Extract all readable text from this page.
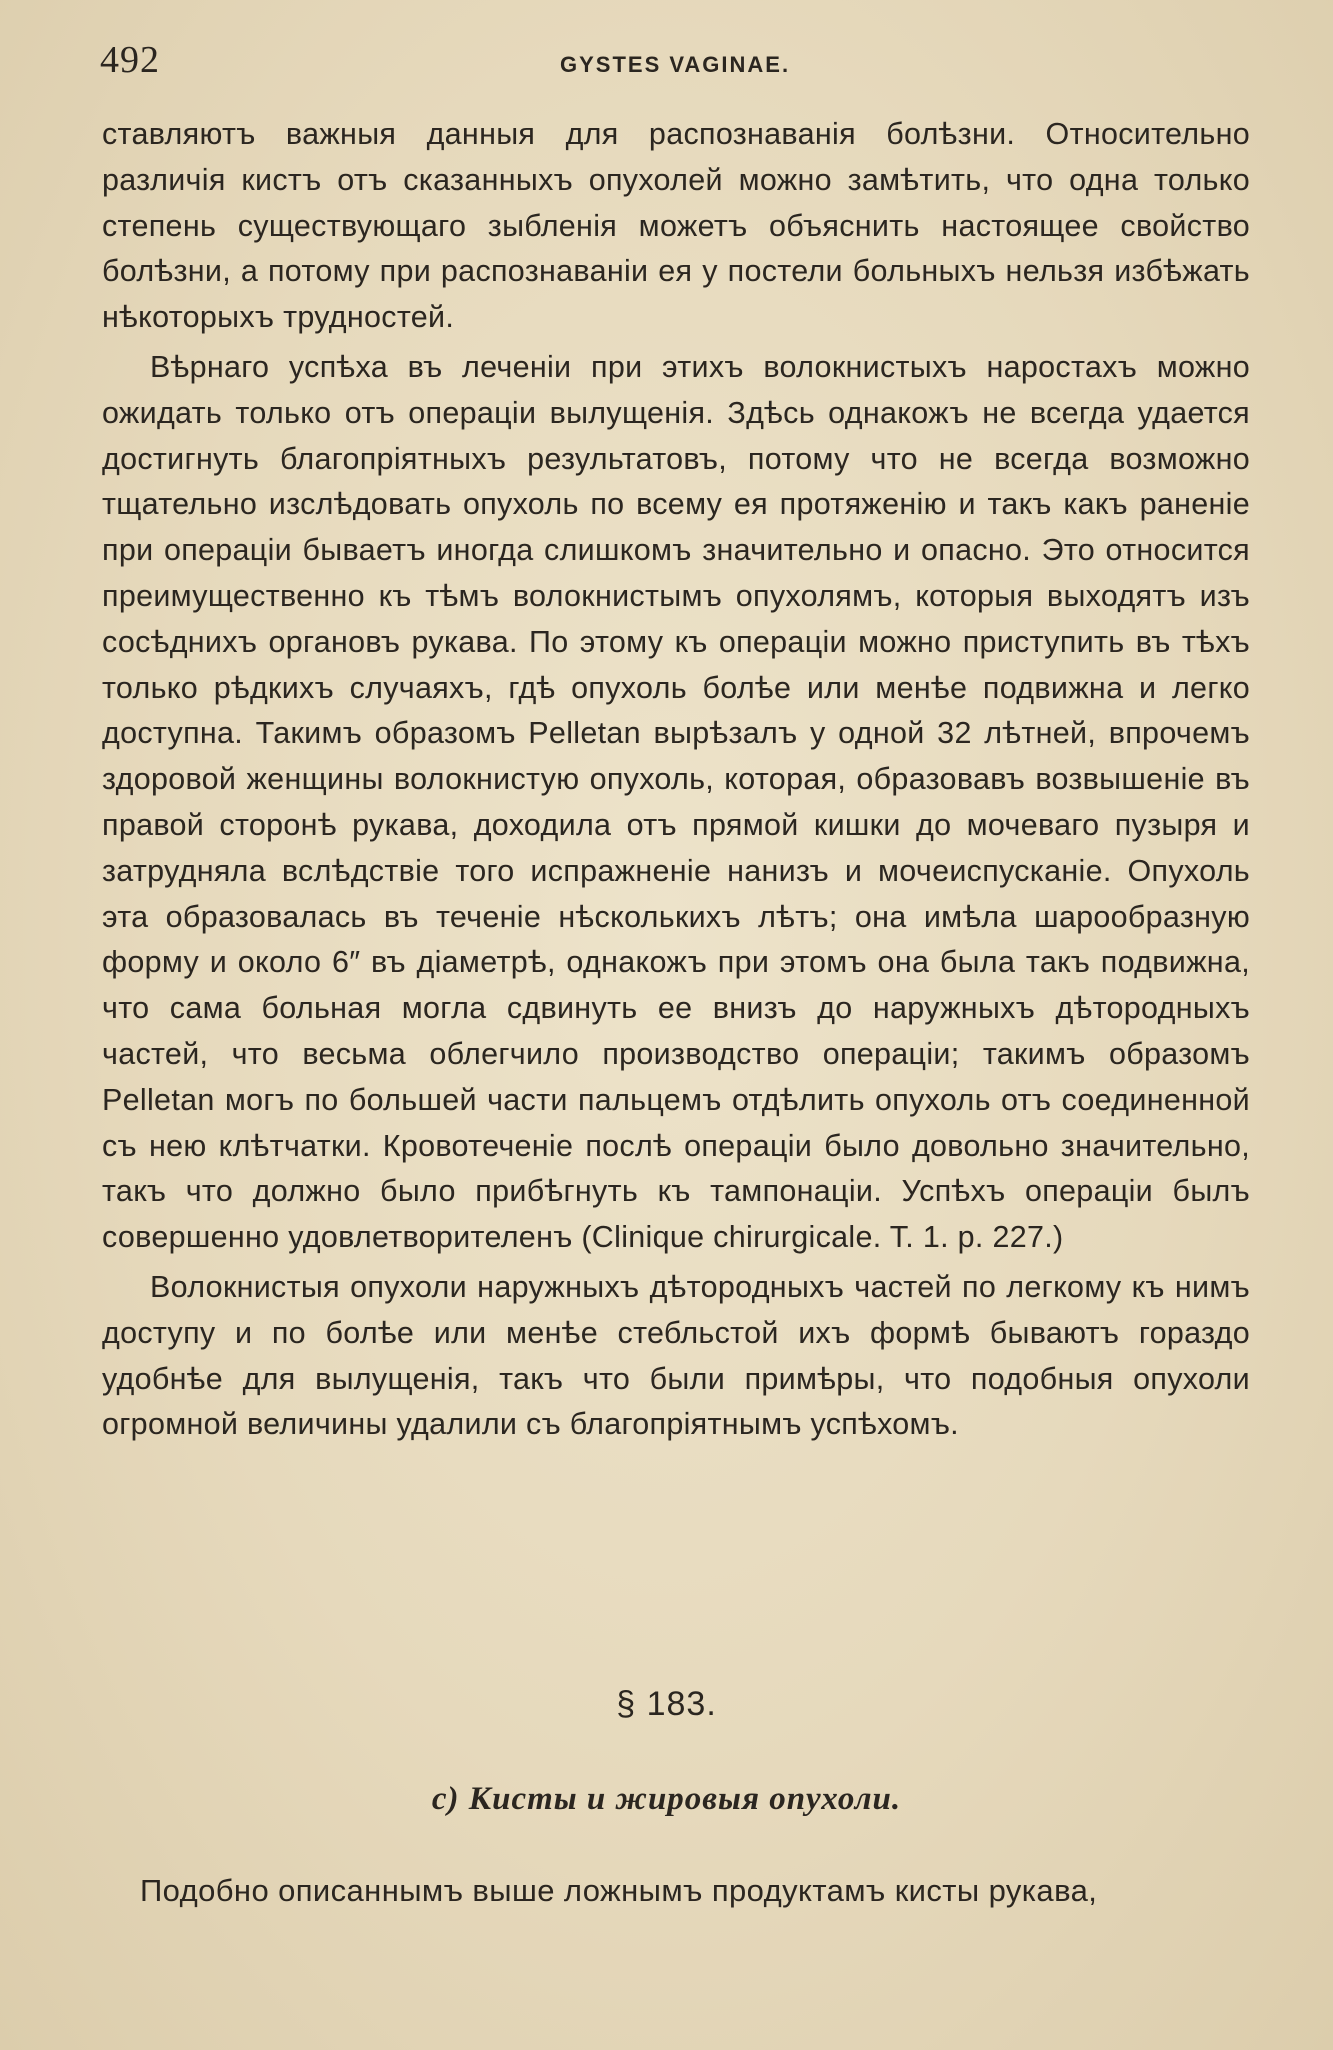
492	GYSTES VAGINAE.

ставляютъ важныя данныя для распознаванія болѣзни. Относительно различія кистъ отъ сказанныхъ опухолей можно замѣтить, что одна только степень существующаго зыбленія можетъ объяснить настоящее свойство болѣзни, а потому при распознаваніи ея у постели больныхъ нельзя избѣжать нѣкоторыхъ трудностей.

Вѣрнаго успѣха въ леченіи при этихъ волокнистыхъ наростахъ можно ожидать только отъ операціи вылущенія. Здѣсь однакожъ не всегда удается достигнуть благопріятныхъ результатовъ, потому что не всегда возможно тщательно изслѣдовать опухоль по всему ея протяженію и такъ какъ раненіе при операціи бываетъ иногда слишкомъ значительно и опасно. Это относится преимущественно къ тѣмъ волокнистымъ опухолямъ, которыя выходятъ изъ сосѣднихъ органовъ рукава. По этому къ операціи можно приступить въ тѣхъ только рѣдкихъ случаяхъ, гдѣ опухоль болѣе или менѣе подвижна и легко доступна. Такимъ образомъ Pelletan вырѣзалъ у одной 32 лѣтней, впрочемъ здоровой женщины волокнистую опухоль, которая, образовавъ возвышеніе въ правой сторонѣ рукава, доходила отъ прямой кишки до мочеваго пузыря и затрудняла вслѣдствіе того испражненіе нанизъ и мочеиспусканіе. Опухоль эта образовалась въ теченіе нѣсколькихъ лѣтъ; она имѣла шарообразную форму и около 6″ въ діаметрѣ, однакожъ при этомъ она была такъ подвижна, что сама больная могла сдвинуть ее внизъ до наружныхъ дѣтородныхъ частей, что весьма облегчило производство операціи; такимъ образомъ Pelletan могъ по большей части пальцемъ отдѣлить опухоль отъ соединенной съ нею клѣтчатки. Кровотеченіе послѣ операціи было довольно значительно, такъ что должно было прибѣгнуть къ тампонаціи. Успѣхъ операціи былъ совершенно удовлетворителенъ (Clinique chirurgicale. T. 1. p. 227.)

Волокнистыя опухоли наружныхъ дѣтородныхъ частей по легкому къ нимъ доступу и по болѣе или менѣе стебльстой ихъ формѣ бываютъ гораздо удобнѣе для вылущенія, такъ что были примѣры, что подобныя опухоли огромной величины удалили съ благопріятнымъ успѣхомъ.

§ 183.
c) Кисты и жировыя опухоли.
Подобно описаннымъ выше ложнымъ продуктамъ кисты рукава,
